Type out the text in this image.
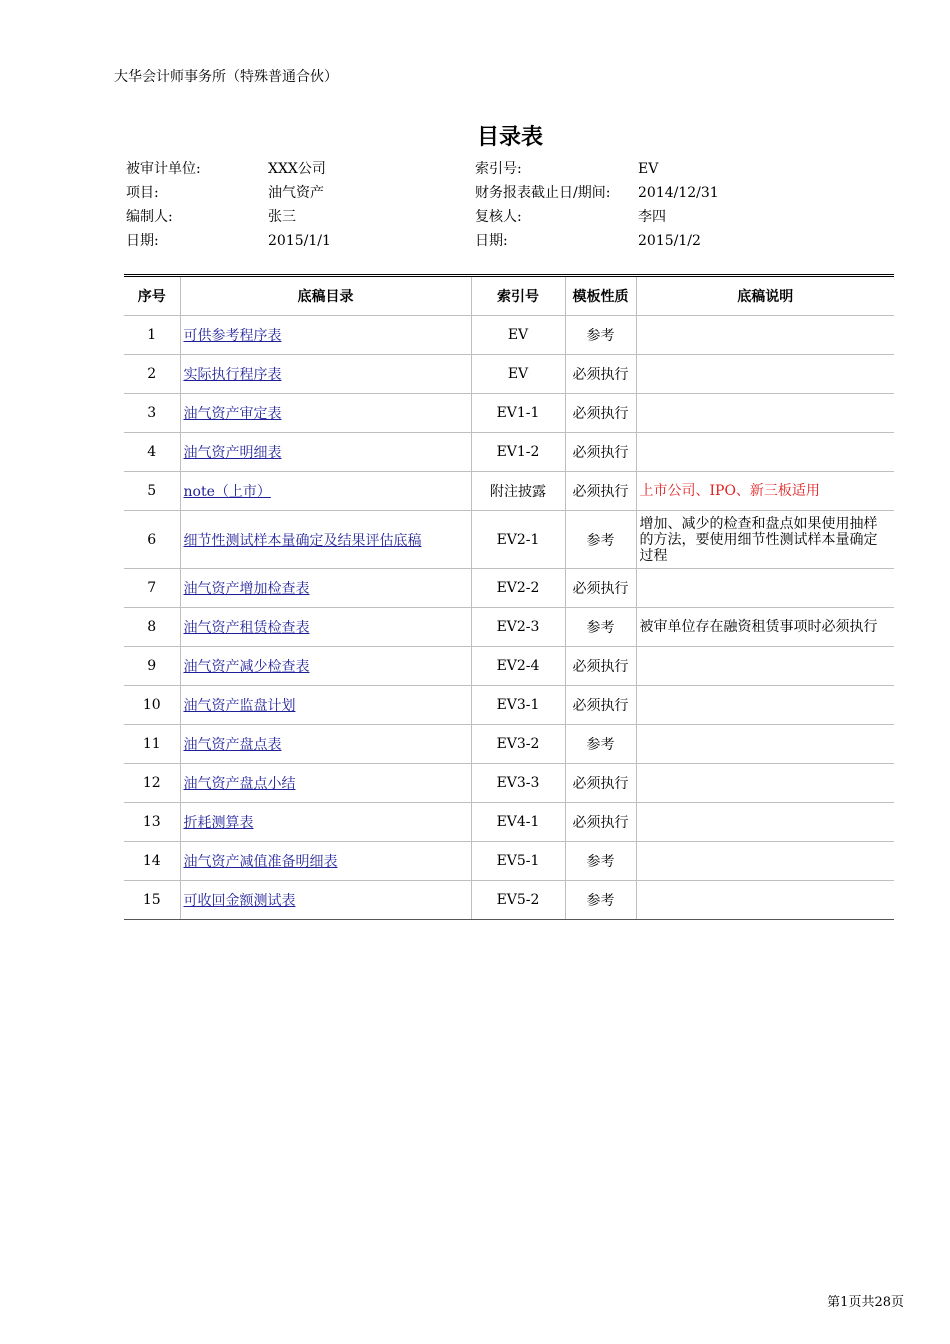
大华会计师事务所（特殊普通合伙）
目录表
被审计单位:	XXX公司	索引号:	EV
项目:	油气资产	财务报表截止日/期间: 2014/12/31
编制人:	张三	复核人:	李四
日期:	2015/1/1	日期:	2015/1/2
序号	底稿目录	索引号	模板性质	底稿说明
1	可供参考程序表	EV	参考	
2	实际执行程序表	EV	必须执行	
3	油气资产审定表	EV1-1	必须执行	
4	油气资产明细表	EV1-2	必须执行	
5	note（上市）	附注披露	必须执行	上市公司、IPO、新三板适用
6	细节性测试样本量确定及结果评估底稿	EV2-1	参考	增加、减少的检查和盘点如果使用抽样的方法，要使用细节性测试样本量确定过程
7	油气资产增加检查表	EV2-2	必须执行	
8	油气资产租赁检查表	EV2-3	参考	被审单位存在融资租赁事项时必须执行
9	油气资产减少检查表	EV2-4	必须执行	
10	油气资产监盘计划	EV3-1	必须执行	
11	油气资产盘点表	EV3-2	参考	
12	油气资产盘点小结	EV3-3	必须执行	
13	折耗测算表	EV4-1	必须执行	
14	油气资产减值准备明细表	EV5-1	参考	
15	可收回金额测试表	EV5-2	参考	
第1页共28页
